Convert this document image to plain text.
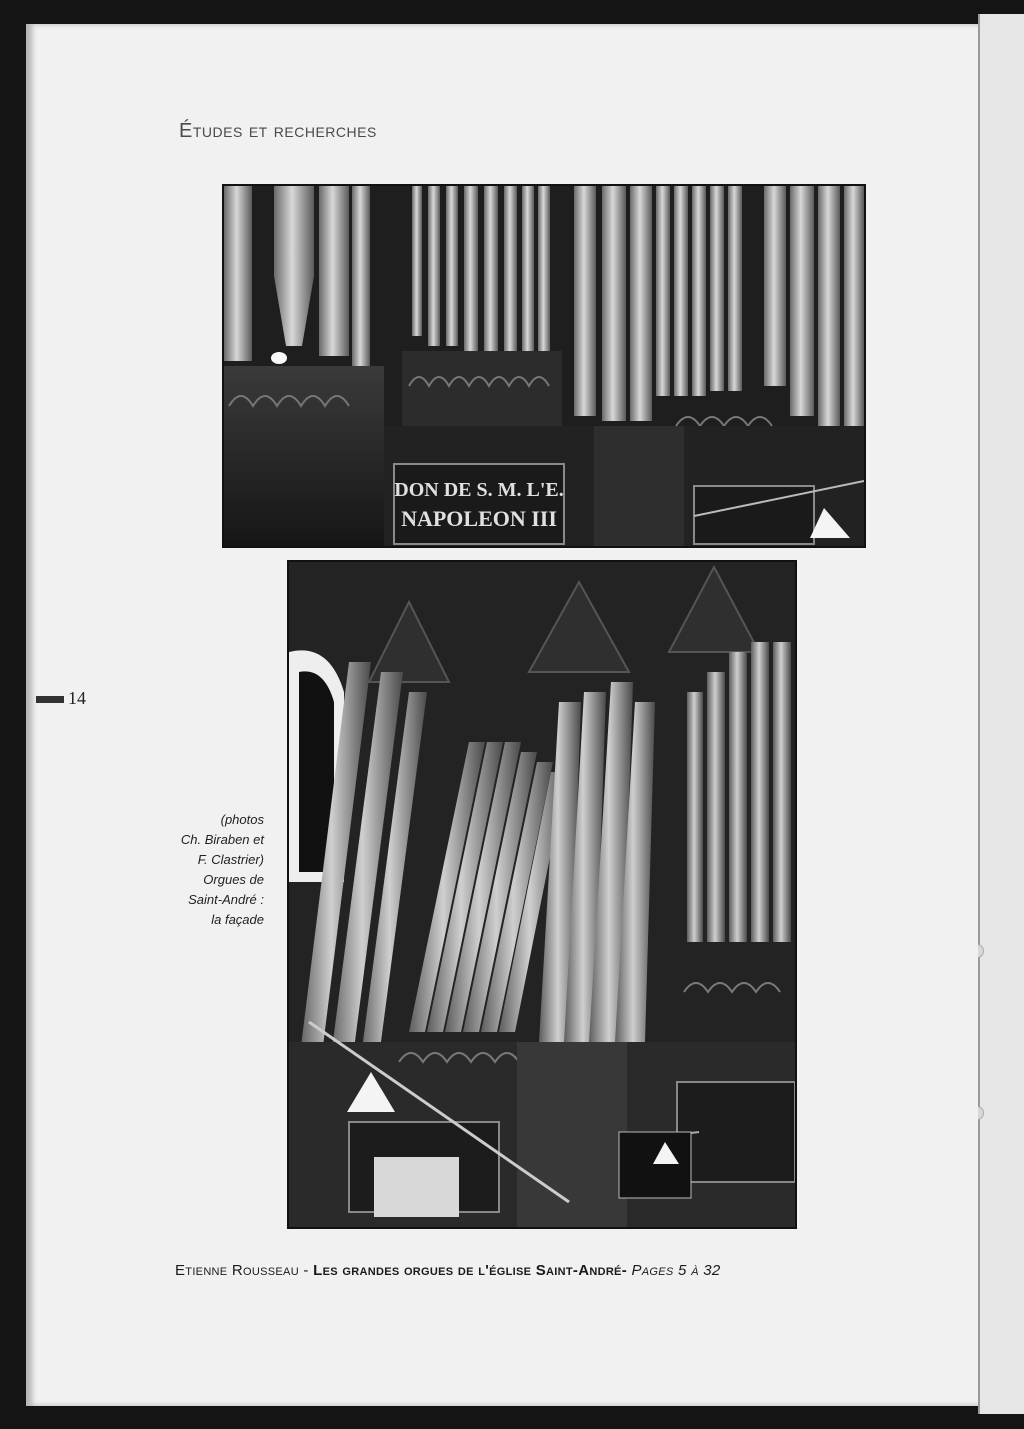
Études et recherches
14
DON DE S. M. L'E.
NAPOLEON III
(photos
Ch. Biraben et
F. Clastrier)
Orgues de
Saint-André :
la façade
Etienne Rousseau - Les grandes orgues de l'église Saint-André- Pages 5 à 32
